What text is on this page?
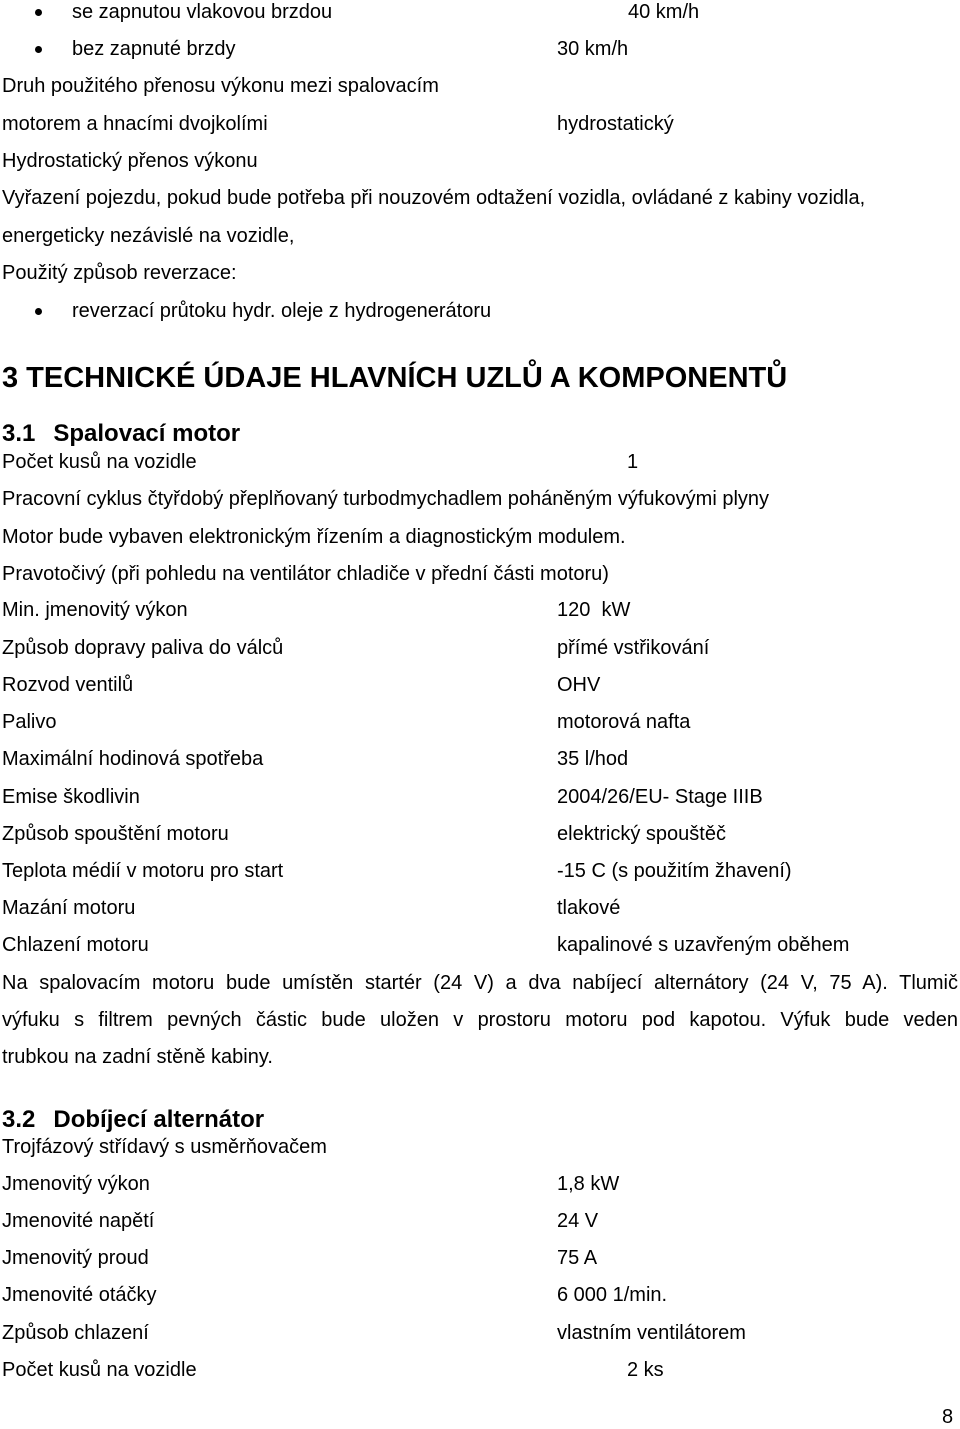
se zapnutou vlakovou brzdou	40 km/h
bez zapnuté brzdy	30 km/h
Druh použitého přenosu výkonu mezi spalovacím
motorem a hnacími dvojkolími	hydrostatický
Hydrostatický přenos výkonu
Vyřazení pojezdu, pokud bude potřeba při nouzovém odtažení vozidla, ovládané z kabiny vozidla,
energeticky nezávislé na vozidle,
Použitý způsob reverzace:
reverzací průtoku hydr. oleje z hydrogenerátoru
3 TECHNICKÉ ÚDAJE HLAVNÍCH UZLŮ A KOMPONENTŮ
3.1 Spalovací motor
Počet kusů na vozidle	1
Pracovní cyklus čtyřdobý přeplňovaný turbodmychadlem poháněným výfukovými plyny
Motor bude vybaven elektronickým řízením a diagnostickým modulem.
Pravotočivý (při pohledu na ventilátor chladiče v přední části motoru)
Min. jmenovitý výkon	120  kW
Způsob dopravy paliva do válců	přímé vstřikování
Rozvod ventilů	OHV
Palivo	motorová nafta
Maximální hodinová spotřeba	35 l/hod
Emise škodlivin	2004/26/EU- Stage IIIB
Způsob spouštění motoru	elektrický spouštěč
Teplota médií v motoru pro start	-15 C (s použitím žhavení)
Mazání motoru	tlakové
Chlazení motoru	kapalinové s uzavřeným oběhem
Na spalovacím motoru bude umístěn startér (24 V) a dva nabíjecí alternátory (24 V, 75 A). Tlumič
výfuku s filtrem pevných částic bude uložen v prostoru motoru pod kapotou. Výfuk bude veden
trubkou na zadní stěně kabiny.
3.2 Dobíjecí alternátor
Trojfázový střídavý s usměrňovačem
Jmenovitý výkon	1,8 kW
Jmenovité napětí	24 V
Jmenovitý proud	75 A
Jmenovité otáčky	6 000 1/min.
Způsob chlazení	vlastním ventilátorem
Počet kusů na vozidle	2 ks
8
